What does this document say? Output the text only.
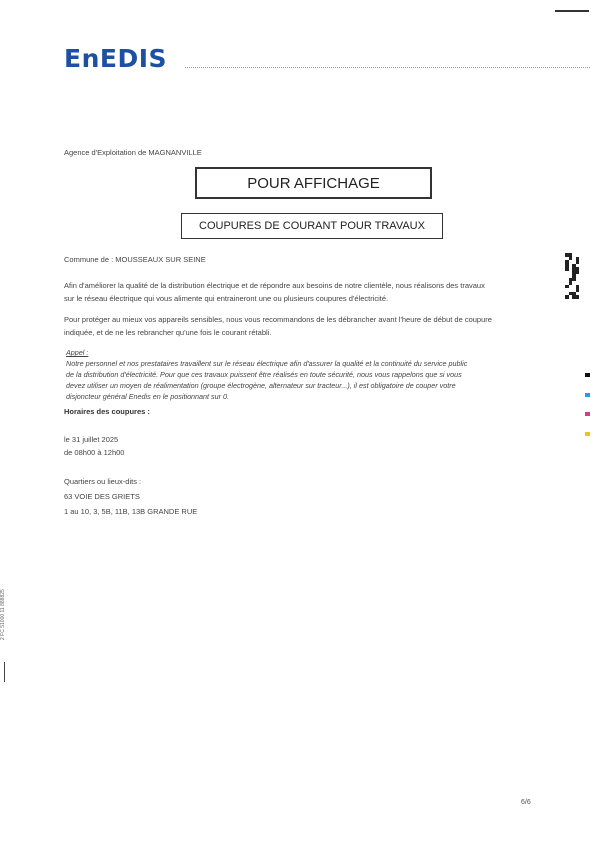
EnEDIS
Agence d'Exploitation de MAGNANVILLE
POUR AFFICHAGE
COUPURES DE COURANT POUR TRAVAUX
Commune de : MOUSSEAUX SUR SEINE
Afin d'améliorer la qualité de la distribution électrique et de répondre aux besoins de notre clientèle, nous réalisons des travaux
sur le réseau électrique qui vous alimente qui entraineront une ou plusieurs coupures d'électricité.
Pour protéger au mieux vos appareils sensibles, nous vous recommandons de les débrancher avant l'heure de début de coupure
indiquée, et de ne les rebrancher qu'une fois le courant rétabli.
Appel :
Notre personnel et nos prestataires travaillent sur le réseau électrique afin d'assurer la qualité et la continuité du service public
de la distribution d'électricité. Pour que ces travaux puissent être réalisés en toute sécurité, nous vous rappelons que si vous
devez utiliser un moyen de réalimentation (groupe électrogène, alternateur sur tracteur...), il est obligatoire de couper votre
disjoncteur général Enedis en le positionnant sur 0.
Horaires des coupures :
le 31 juillet 2025
de 08h00 à 12h00
Quartiers ou lieux-dits :
63 VOIE DES GRIETS
1 au 10, 3, 5B, 11B, 13B GRANDE RUE
6/6
2 FC 51000 11 888825
